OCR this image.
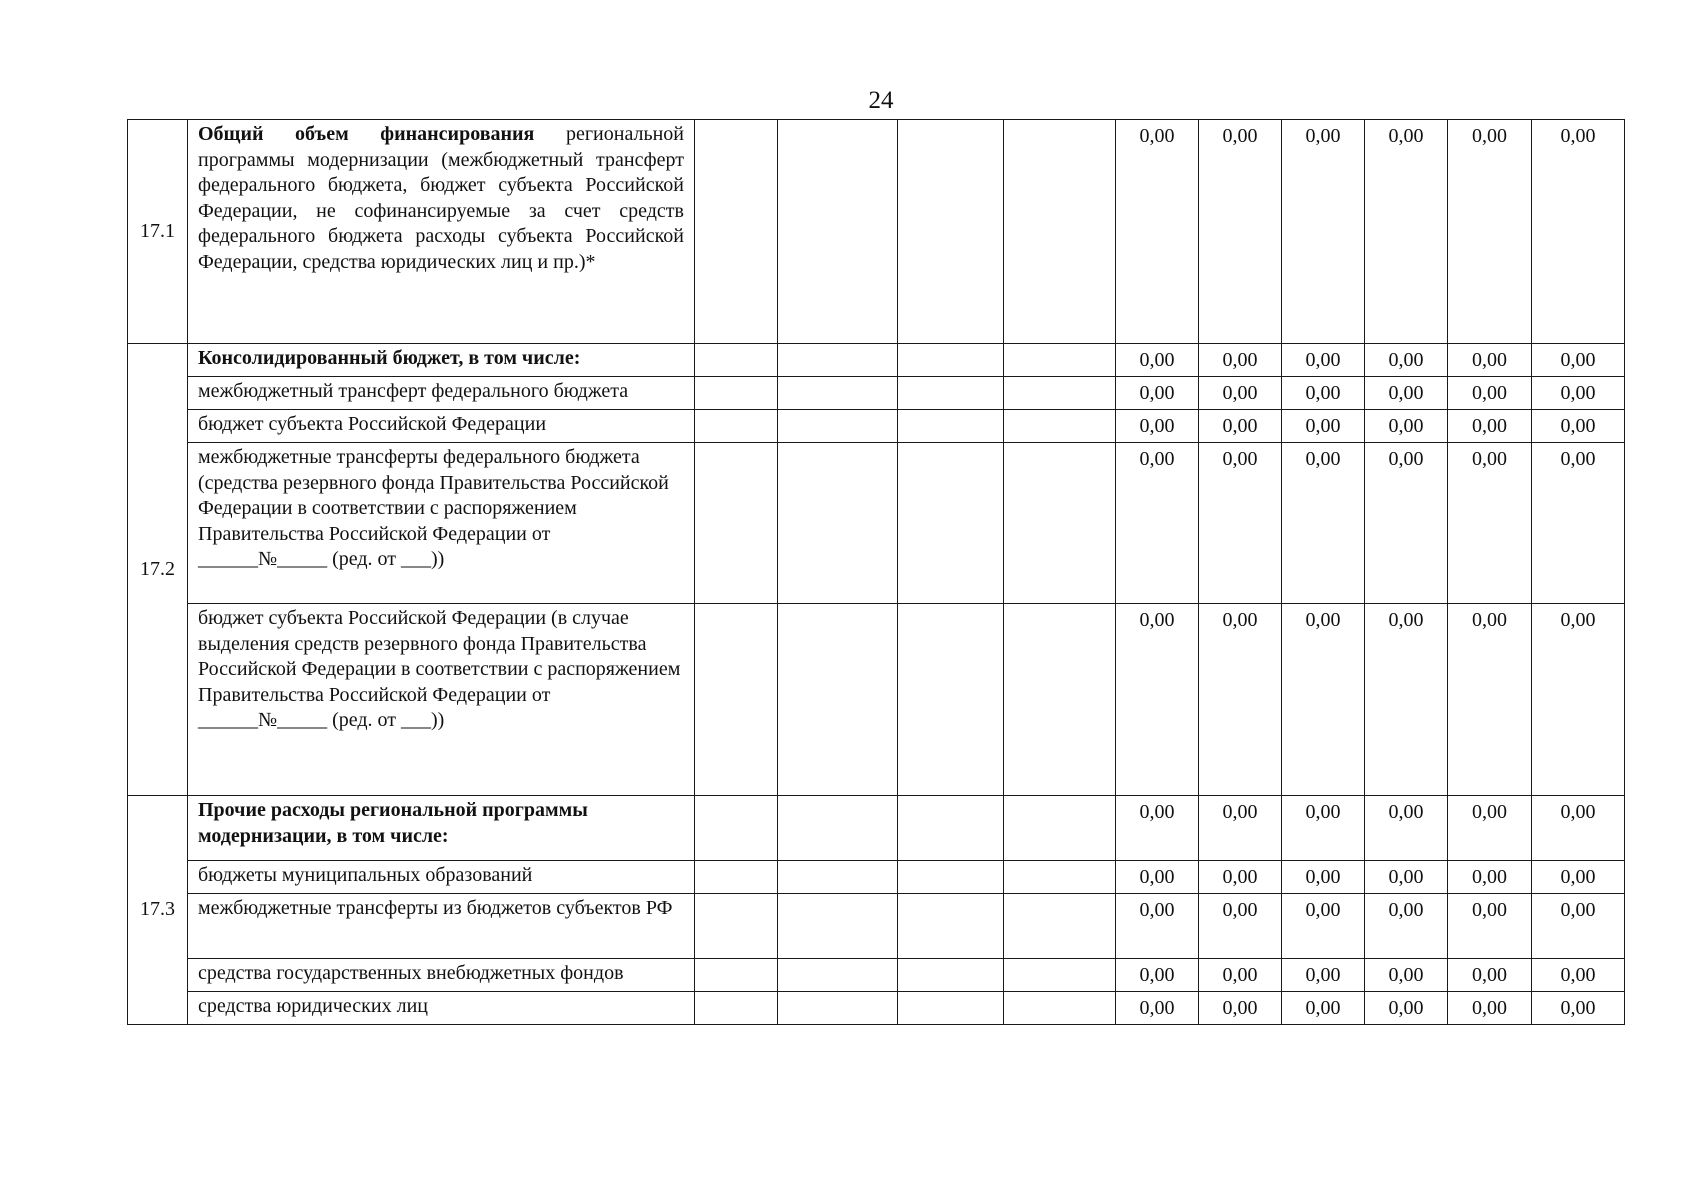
24
17.1	Общий объем финансирования региональной программы модернизации (межбюджетный трансферт федерального бюджета, бюджет субъекта Российской Федерации, не софинансируемые за счет средств федерального бюджета расходы субъекта Российской Федерации, средства юридических лиц и пр.)*					0,00	0,00	0,00	0,00	0,00	0,00
17.2	Консолидированный бюджет, в том числе:					0,00	0,00	0,00	0,00	0,00	0,00
	межбюджетный трансферт федерального бюджета					0,00	0,00	0,00	0,00	0,00	0,00
	бюджет субъекта Российской Федерации					0,00	0,00	0,00	0,00	0,00	0,00
	межбюджетные трансферты федерального бюджета (средства резервного фонда Правительства Российской Федерации в соответствии с распоряжением Правительства Российской Федерации от ______№_____ (ред. от ___))					0,00	0,00	0,00	0,00	0,00	0,00
	бюджет субъекта Российской Федерации (в случае выделения средств резервного фонда Правительства Российской Федерации в соответствии с распоряжением Правительства Российской Федерации от ______№_____ (ред. от ___))					0,00	0,00	0,00	0,00	0,00	0,00
17.3	Прочие расходы региональной программы модернизации, в том числе:					0,00	0,00	0,00	0,00	0,00	0,00
	бюджеты муниципальных образований					0,00	0,00	0,00	0,00	0,00	0,00
	межбюджетные трансферты из бюджетов субъектов РФ					0,00	0,00	0,00	0,00	0,00	0,00
	средства государственных внебюджетных фондов					0,00	0,00	0,00	0,00	0,00	0,00
	средства юридических лиц					0,00	0,00	0,00	0,00	0,00	0,00
